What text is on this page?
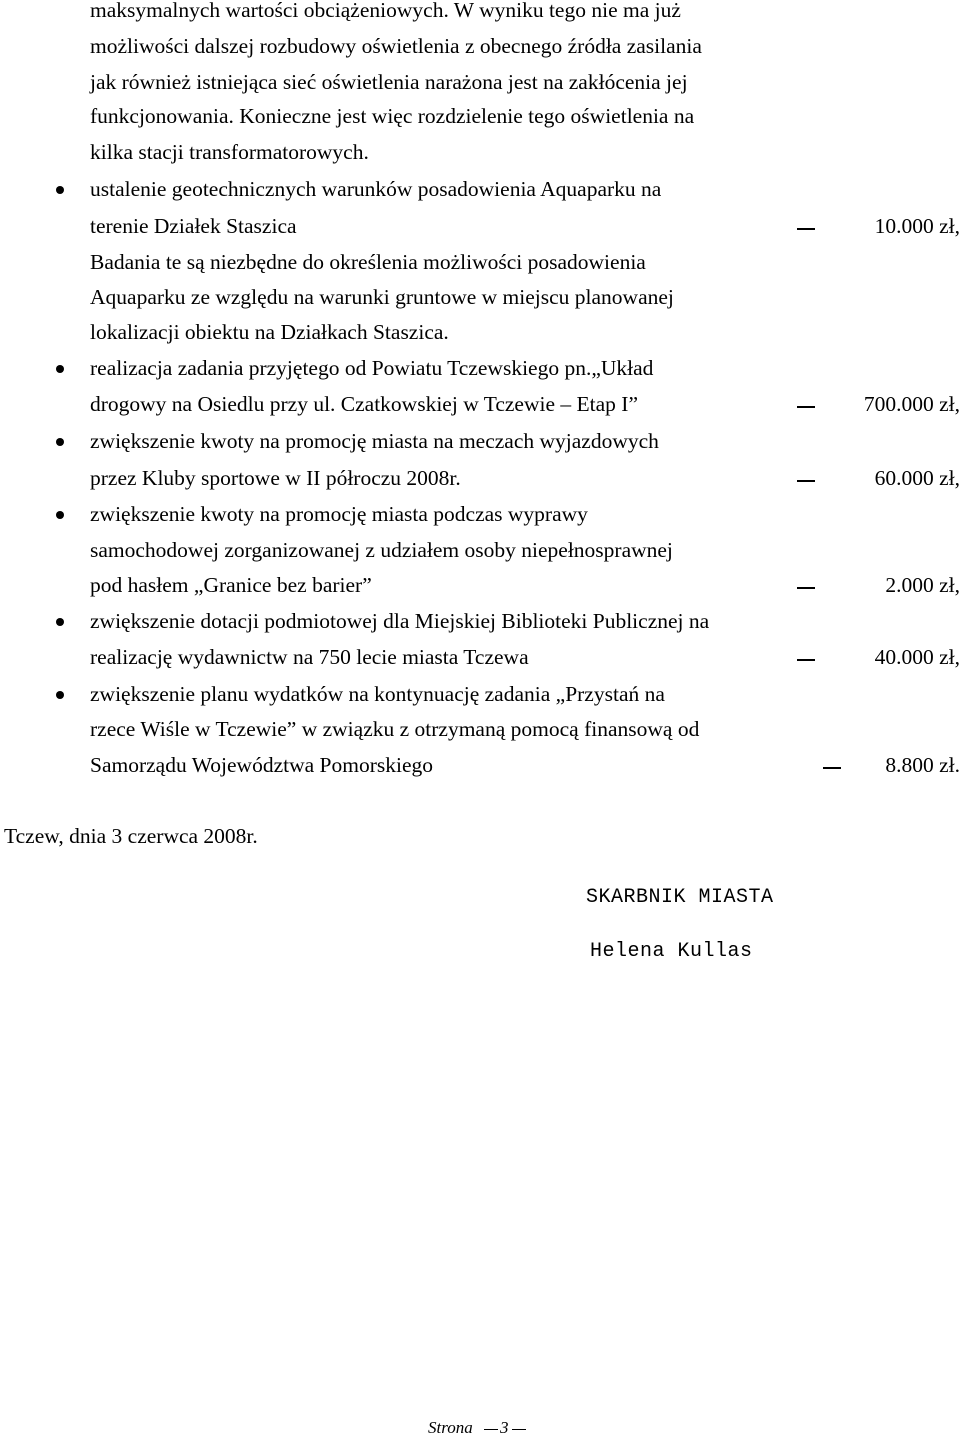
maksymalnych wartości obciążeniowych. W wyniku tego nie ma już
możliwości dalszej rozbudowy oświetlenia z obecnego źródła zasilania
jak również istniejąca sieć oświetlenia narażona jest na zakłócenia jej
funkcjonowania. Konieczne jest więc rozdzielenie tego oświetlenia na
kilka stacji transformatorowych.
ustalenie geotechnicznych warunków posadowienia Aquaparku na
terenie Działek Staszica	10.000 zł,
Badania te są niezbędne do określenia możliwości posadowienia
Aquaparku ze względu na warunki gruntowe w miejscu planowanej
lokalizacji obiektu na Działkach Staszica.
realizacja zadania przyjętego od Powiatu Tczewskiego pn.„Układ
drogowy na Osiedlu przy ul. Czatkowskiej w Tczewie – Etap I”	700.000 zł,
zwiększenie kwoty na promocję miasta na meczach wyjazdowych
przez Kluby sportowe w II półroczu 2008r.	60.000 zł,
zwiększenie kwoty na promocję miasta podczas wyprawy
samochodowej zorganizowanej z udziałem osoby niepełnosprawnej
pod hasłem „Granice bez barier”	2.000 zł,
zwiększenie dotacji podmiotowej dla Miejskiej Biblioteki Publicznej na
realizację wydawnictw na 750 lecie miasta Tczewa	40.000 zł,
zwiększenie planu wydatków na kontynuację zadania „Przystań na
rzece Wiśle w Tczewie” w związku z otrzymaną pomocą finansową od
Samorządu Województwa Pomorskiego	8.800 zł.
Tczew, dnia 3 czerwca 2008r.
SKARBNIK MIASTA
Helena Kullas
Strona 3
